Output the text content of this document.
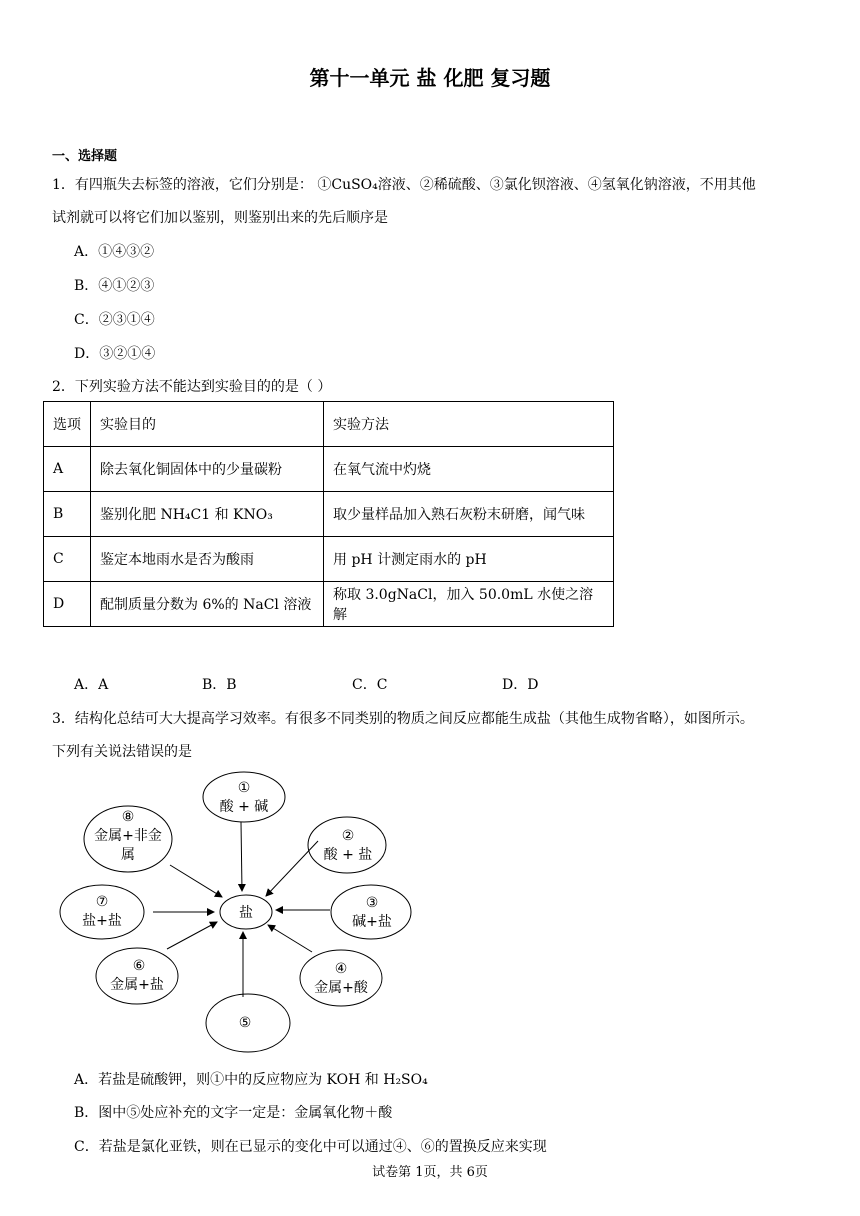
第十一单元 盐 化肥 复习题
一、选择题
1．有四瓶失去标签的溶液，它们分别是： ①CuSO₄溶液、②稀硫酸、③氯化钡溶液、④氢氧化钠溶液，不用其他
试剂就可以将它们加以鉴别，则鉴别出来的先后顺序是
A．①④③②
B．④①②③
C．②③①④
D．③②①④
2．下列实验方法不能达到实验目的的是（ ）
选项	实验目的	实验方法
A	除去氧化铜固体中的少量碳粉	在氧气流中灼烧
B	鉴别化肥 NH₄C1 和 KNO₃	取少量样品加入熟石灰粉末研磨，闻气味
C	鉴定本地雨水是否为酸雨	用 pH 计测定雨水的 pH
D	配制质量分数为 6%的 NaCl 溶液	称取 3.0gNaCl，加入 50.0mL 水使之溶解
A．A	B．B	C．C	D．D
3．结构化总结可大大提高学习效率。有很多不同类别的物质之间反应都能生成盐（其他生成物省略），如图所示。
下列有关说法错误的是
盐
①
酸 + 碱
②
酸 + 盐
③
碱+盐
④
金属+酸
⑤
⑥
金属+盐
⑦
盐+盐
⑧
金属+非金
属
A．若盐是硫酸钾，则①中的反应物应为 KOH 和 H₂SO₄
B．图中⑤处应补充的文字一定是：金属氧化物＋酸
C．若盐是氯化亚铁，则在已显示的变化中可以通过④、⑥的置换反应来实现
试卷第 1页，共 6页
